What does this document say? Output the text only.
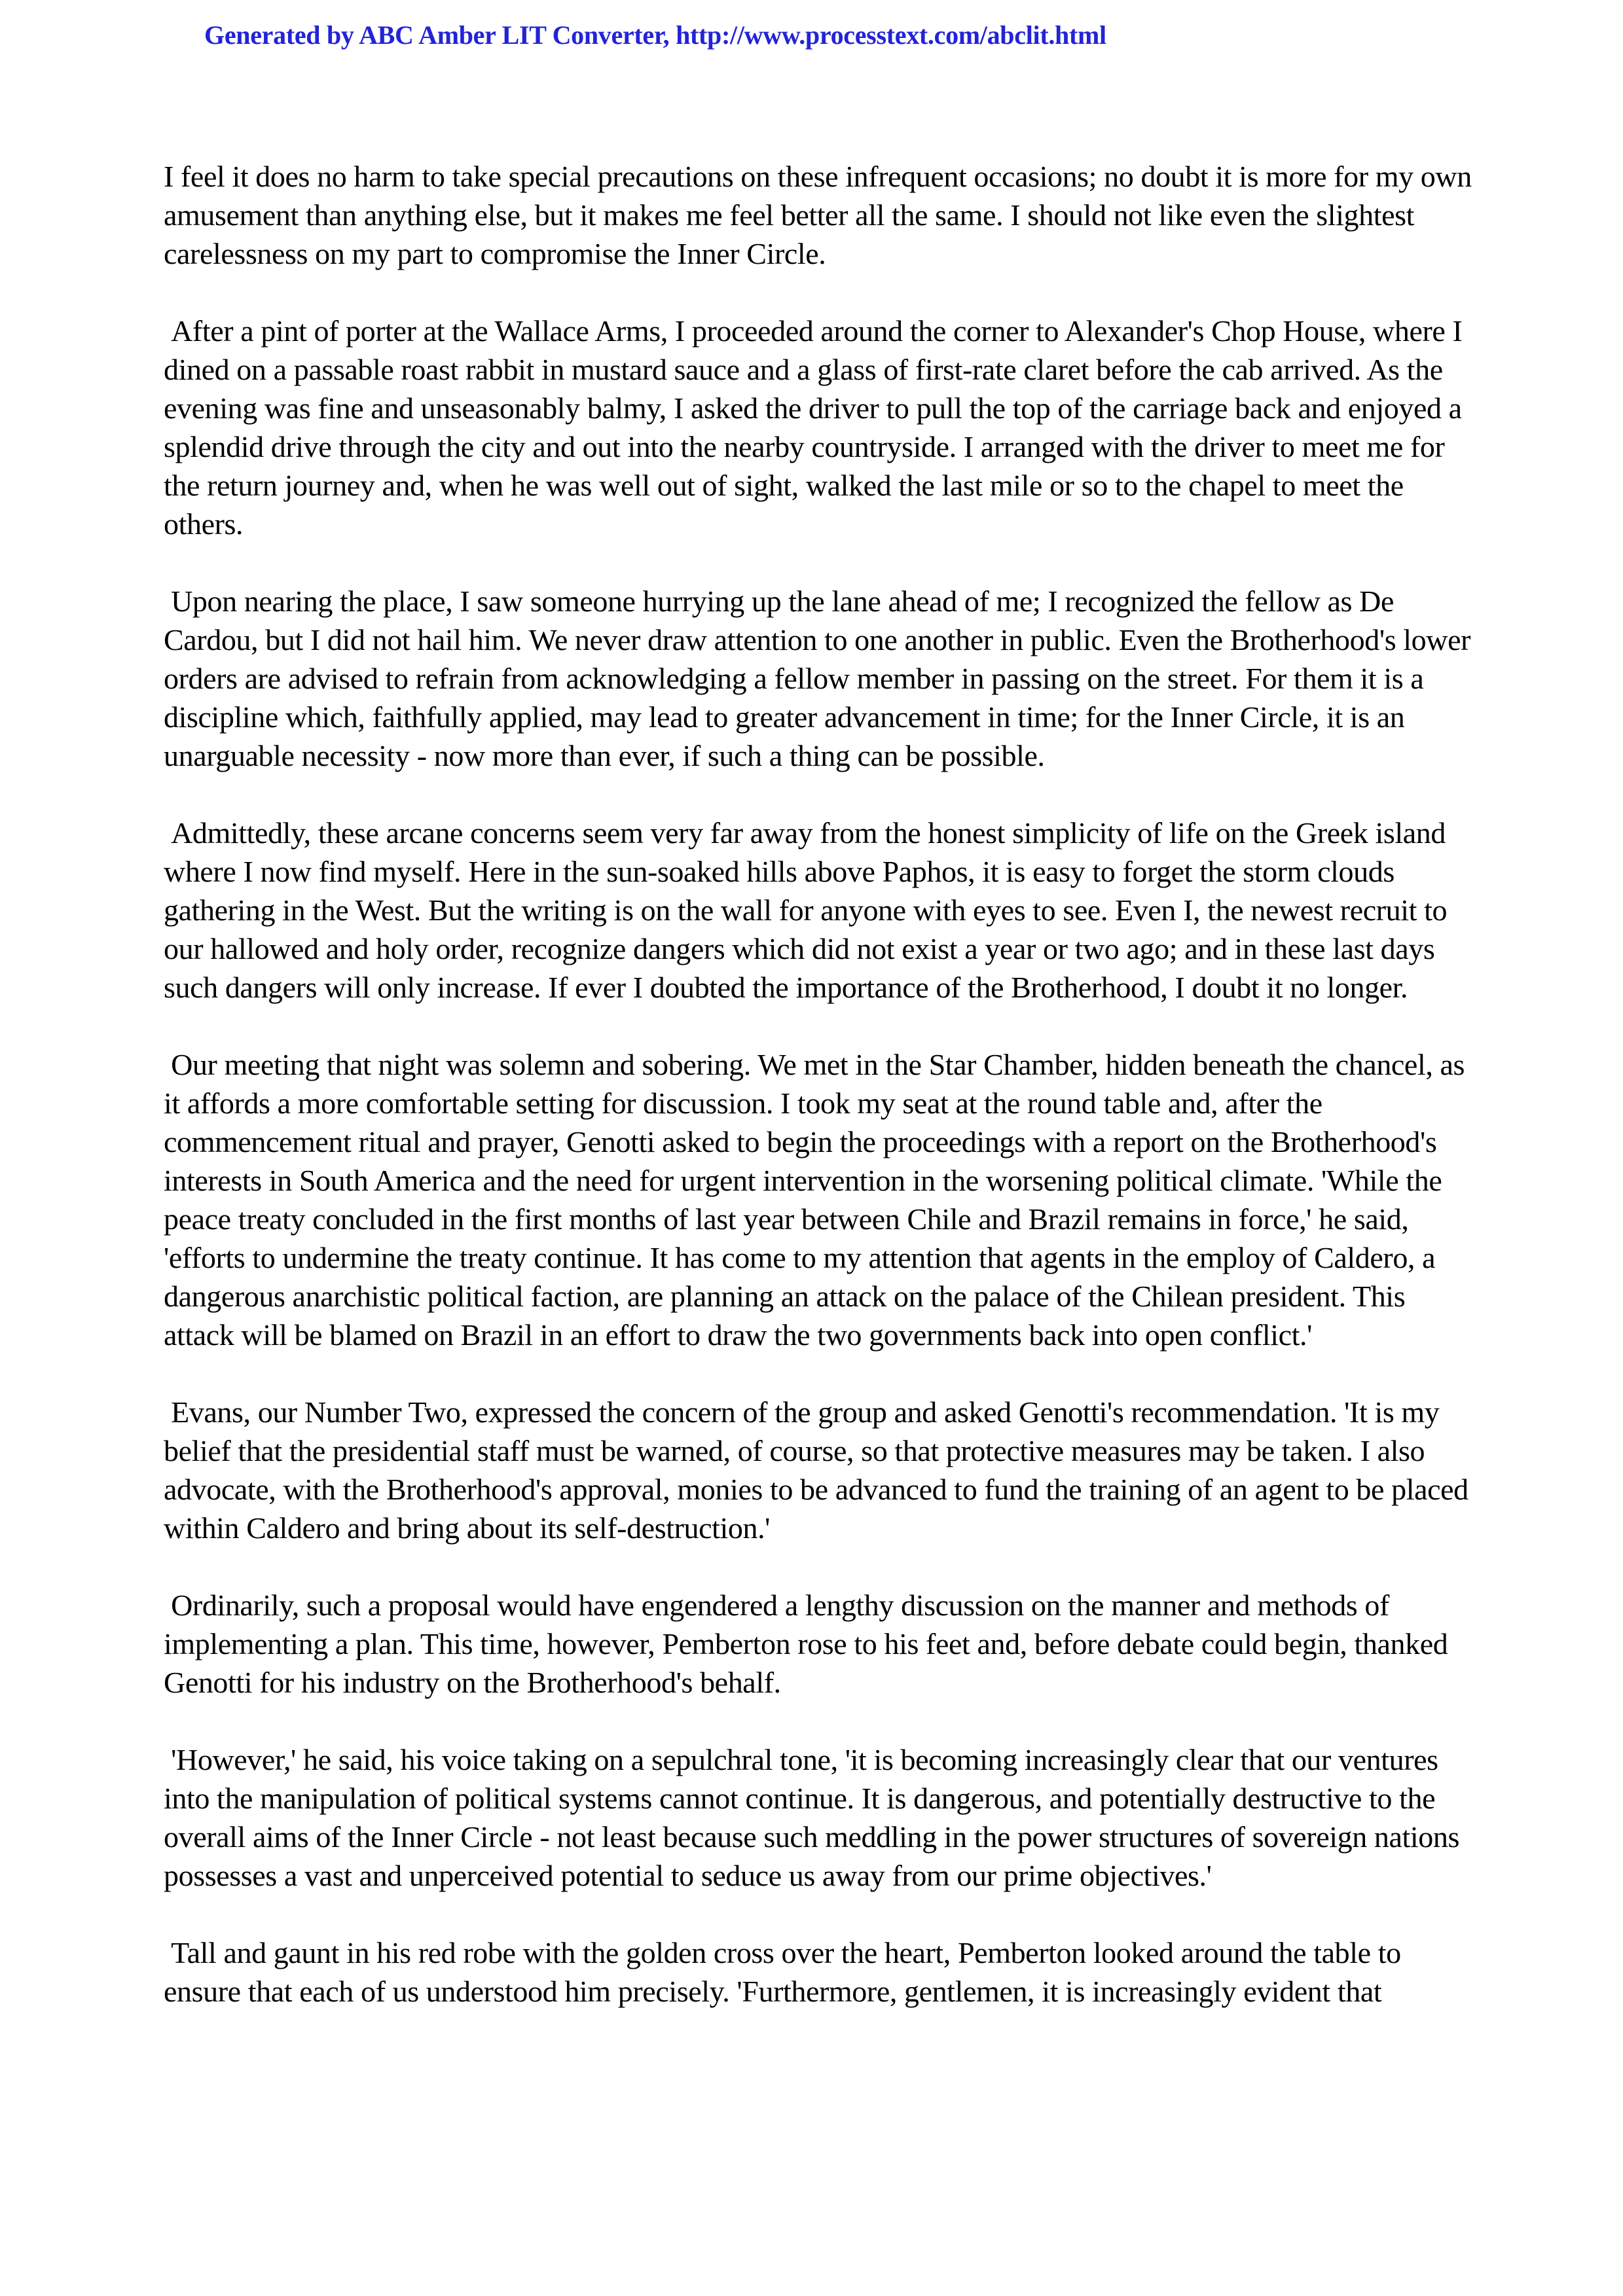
Generated by ABC Amber LIT Converter, http://www.processtext.com/abclit.html

I feel it does no harm to take special precautions on these infrequent occasions; no doubt it is more for my own amusement than anything else, but it makes me feel better all the same. I should not like even the slightest carelessness on my part to compromise the Inner Circle.

After a pint of porter at the Wallace Arms, I proceeded around the corner to Alexander's Chop House, where I dined on a passable roast rabbit in mustard sauce and a glass of first-rate claret before the cab arrived. As the evening was fine and unseasonably balmy, I asked the driver to pull the top of the carriage back and enjoyed a splendid drive through the city and out into the nearby countryside. I arranged with the driver to meet me for the return journey and, when he was well out of sight, walked the last mile or so to the chapel to meet the others.

Upon nearing the place, I saw someone hurrying up the lane ahead of me; I recognized the fellow as De Cardou, but I did not hail him. We never draw attention to one another in public. Even the Brotherhood's lower orders are advised to refrain from acknowledging a fellow member in passing on the street. For them it is a discipline which, faithfully applied, may lead to greater advancement in time; for the Inner Circle, it is an unarguable necessity - now more than ever, if such a thing can be possible.

Admittedly, these arcane concerns seem very far away from the honest simplicity of life on the Greek island where I now find myself. Here in the sun-soaked hills above Paphos, it is easy to forget the storm clouds gathering in the West. But the writing is on the wall for anyone with eyes to see. Even I, the newest recruit to our hallowed and holy order, recognize dangers which did not exist a year or two ago; and in these last days such dangers will only increase. If ever I doubted the importance of the Brotherhood, I doubt it no longer.

Our meeting that night was solemn and sobering. We met in the Star Chamber, hidden beneath the chancel, as it affords a more comfortable setting for discussion. I took my seat at the round table and, after the commencement ritual and prayer, Genotti asked to begin the proceedings with a report on the Brotherhood's interests in South America and the need for urgent intervention in the worsening political climate. 'While the peace treaty concluded in the first months of last year between Chile and Brazil remains in force,' he said, 'efforts to undermine the treaty continue. It has come to my attention that agents in the employ of Caldero, a dangerous anarchistic political faction, are planning an attack on the palace of the Chilean president. This attack will be blamed on Brazil in an effort to draw the two governments back into open conflict.'

Evans, our Number Two, expressed the concern of the group and asked Genotti's recommendation. 'It is my belief that the presidential staff must be warned, of course, so that protective measures may be taken. I also advocate, with the Brotherhood's approval, monies to be advanced to fund the training of an agent to be placed within Caldero and bring about its self-destruction.'

Ordinarily, such a proposal would have engendered a lengthy discussion on the manner and methods of implementing a plan. This time, however, Pemberton rose to his feet and, before debate could begin, thanked Genotti for his industry on the Brotherhood's behalf.

'However,' he said, his voice taking on a sepulchral tone, 'it is becoming increasingly clear that our ventures into the manipulation of political systems cannot continue. It is dangerous, and potentially destructive to the overall aims of the Inner Circle - not least because such meddling in the power structures of sovereign nations possesses a vast and unperceived potential to seduce us away from our prime objectives.'

Tall and gaunt in his red robe with the golden cross over the heart, Pemberton looked around the table to ensure that each of us understood him precisely. 'Furthermore, gentlemen, it is increasingly evident that
